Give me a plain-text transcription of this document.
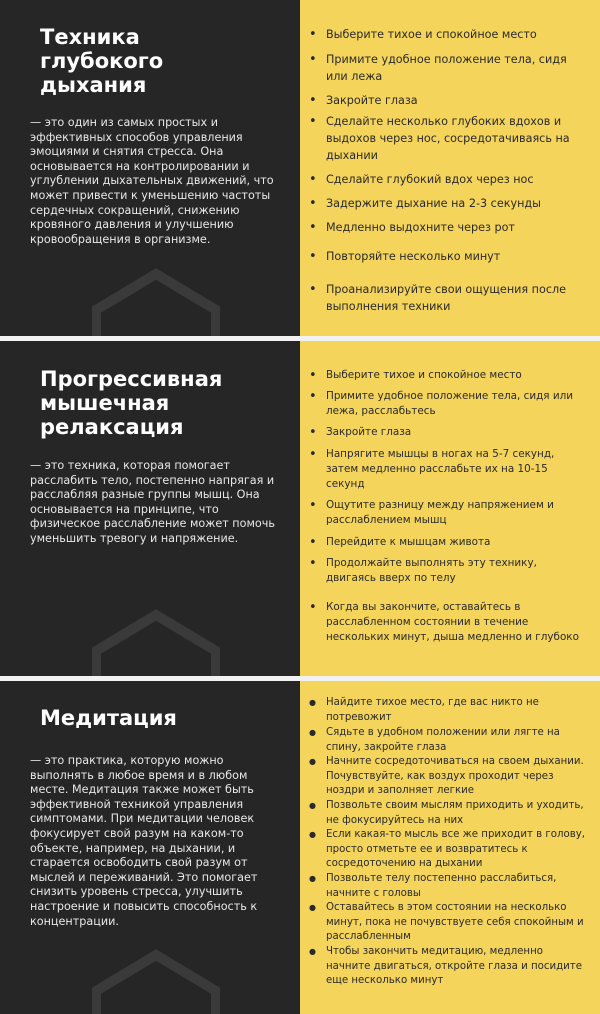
Техника
глубокого
дыхания

— это один из самых простых и эффективных способов управления эмоциями и снятия стресса. Она основывается на контролировании и углублении дыхательных движений, что может привести к уменьшению частоты сердечных сокращений, снижению кровяного давления и улучшению кровообращения в организме.

• Выберите тихое и спокойное место
• Примите удобное положение тела, сидя или лежа
• Закройте глаза
• Сделайте несколько глубоких вдохов и выдохов через нос, сосредотачиваясь на дыхании
• Сделайте глубокий вдох через нос
• Задержите дыхание на 2-3 секунды
• Медленно выдохните через рот
• Повторяйте несколько минут
• Проанализируйте свои ощущения после выполнения техники
Прогрессивная
мышечная
релаксация

— это техника, которая помогает расслабить тело, постепенно напрягая и расслабляя разные группы мышц. Она основывается на принципе, что физическое расслабление может помочь уменьшить тревогу и напряжение.

• Выберите тихое и спокойное место
• Примите удобное положение тела, сидя или лежа, расслабьтесь
• Закройте глаза
• Напрягите мышцы в ногах на 5-7 секунд, затем медленно расслабьте их на 10-15 секунд
• Ощутите разницу между напряжением и расслаблением мышц
• Перейдите к мышцам живота
• Продолжайте выполнять эту технику, двигаясь вверх по телу
• Когда вы закончите, оставайтесь в расслабленном состоянии в течение нескольких минут, дыша медленно и глубоко
Медитация

— это практика, которую можно выполнять в любое время и в любом месте. Медитация также может быть эффективной техникой управления симптомами. При медитации человек фокусирует свой разум на каком-то объекте, например, на дыхании, и старается освободить свой разум от мыслей и переживаний. Это помогает снизить уровень стресса, улучшить настроение и повысить способность к концентрации.

● Найдите тихое место, где вас никто не потревожит
● Сядьте в удобном положении или лягте на спину, закройте глаза
● Начните сосредоточиваться на своем дыхании. Почувствуйте, как воздух проходит через ноздри и заполняет легкие
● Позвольте своим мыслям приходить и уходить, не фокусируйтесь на них
● Если какая-то мысль все же приходит в голову, просто отметьте ее и возвратитесь к сосредоточению на дыхании
● Позвольте телу постепенно расслабиться, начните с головы
● Оставайтесь в этом состоянии на несколько минут, пока не почувствуете себя спокойным и расслабленным
● Чтобы закончить медитацию, медленно начните двигаться, откройте глаза и посидите еще несколько минут
